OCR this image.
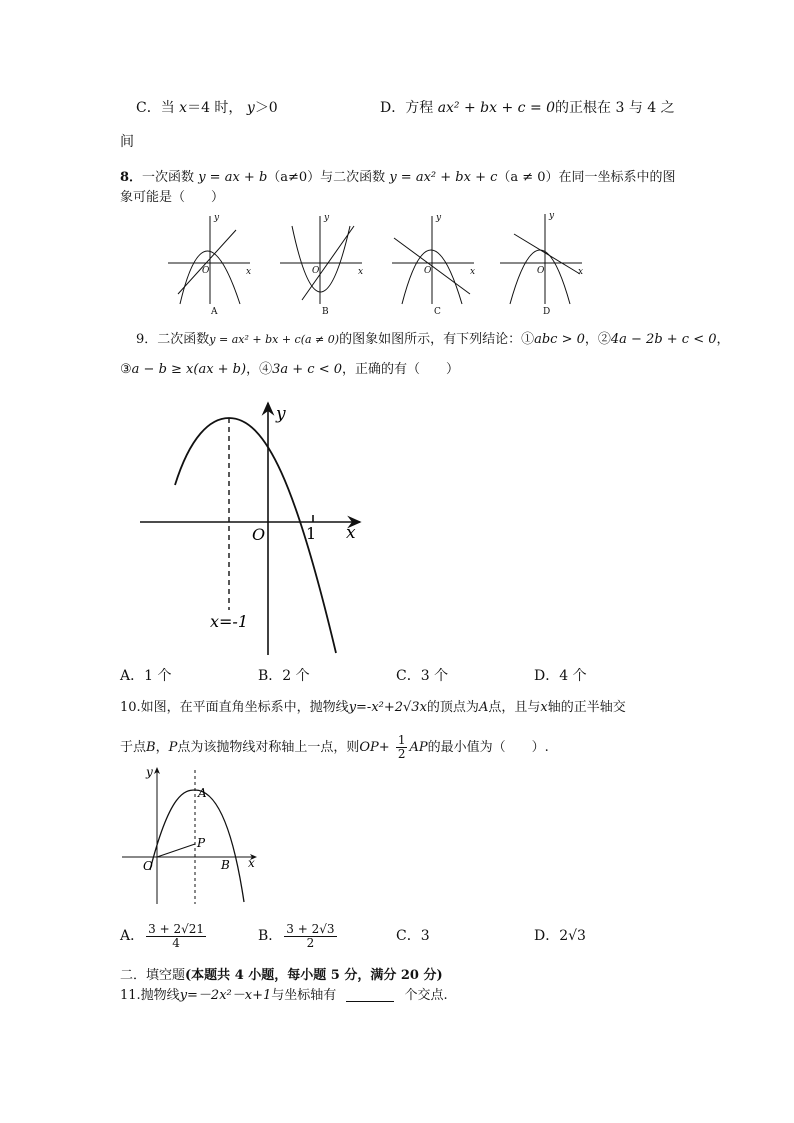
C．当 x＝4 时， y＞0	D．方程 ax² + bx + c = 0的正根在 3 与 4 之
间
8．一次函数 y = ax + b（a≠0）与二次函数 y = ax² + bx + c（a ≠ 0）在同一坐标系中的图
象可能是（　　）
y
x
O
y
x
O
y
x
O
y
x
O
A	B	C	D
9．二次函数y = ax² + bx + c(a ≠ 0)的图象如图所示，有下列结论：①abc > 0，②4a − 2b + c < 0，
③a − b ≥ x(ax + b)，④3a + c < 0，正确的有（　　）
y
x
O	1
x=-1
A．1 个	B．2 个	C．3 个	D．4 个
10.如图，在平面直角坐标系中，抛物线y=-x²+2√3x的顶点为A点，且与x轴的正半轴交
于点B，P点为该抛物线对称轴上一点，则$OP+ \frac{1}{2}$ AP的最小值为（　　）.
y
x
O
A
B
P
A． $\frac{3 + 2√21}{4}$	B． $\frac{3 + 2√3}{2}$	C．3	D．2√3
二．填空题(本题共 4 小题，每小题 5 分，满分 20 分)
11.抛物线y=－2x²－x+1与坐标轴有	个交点.
